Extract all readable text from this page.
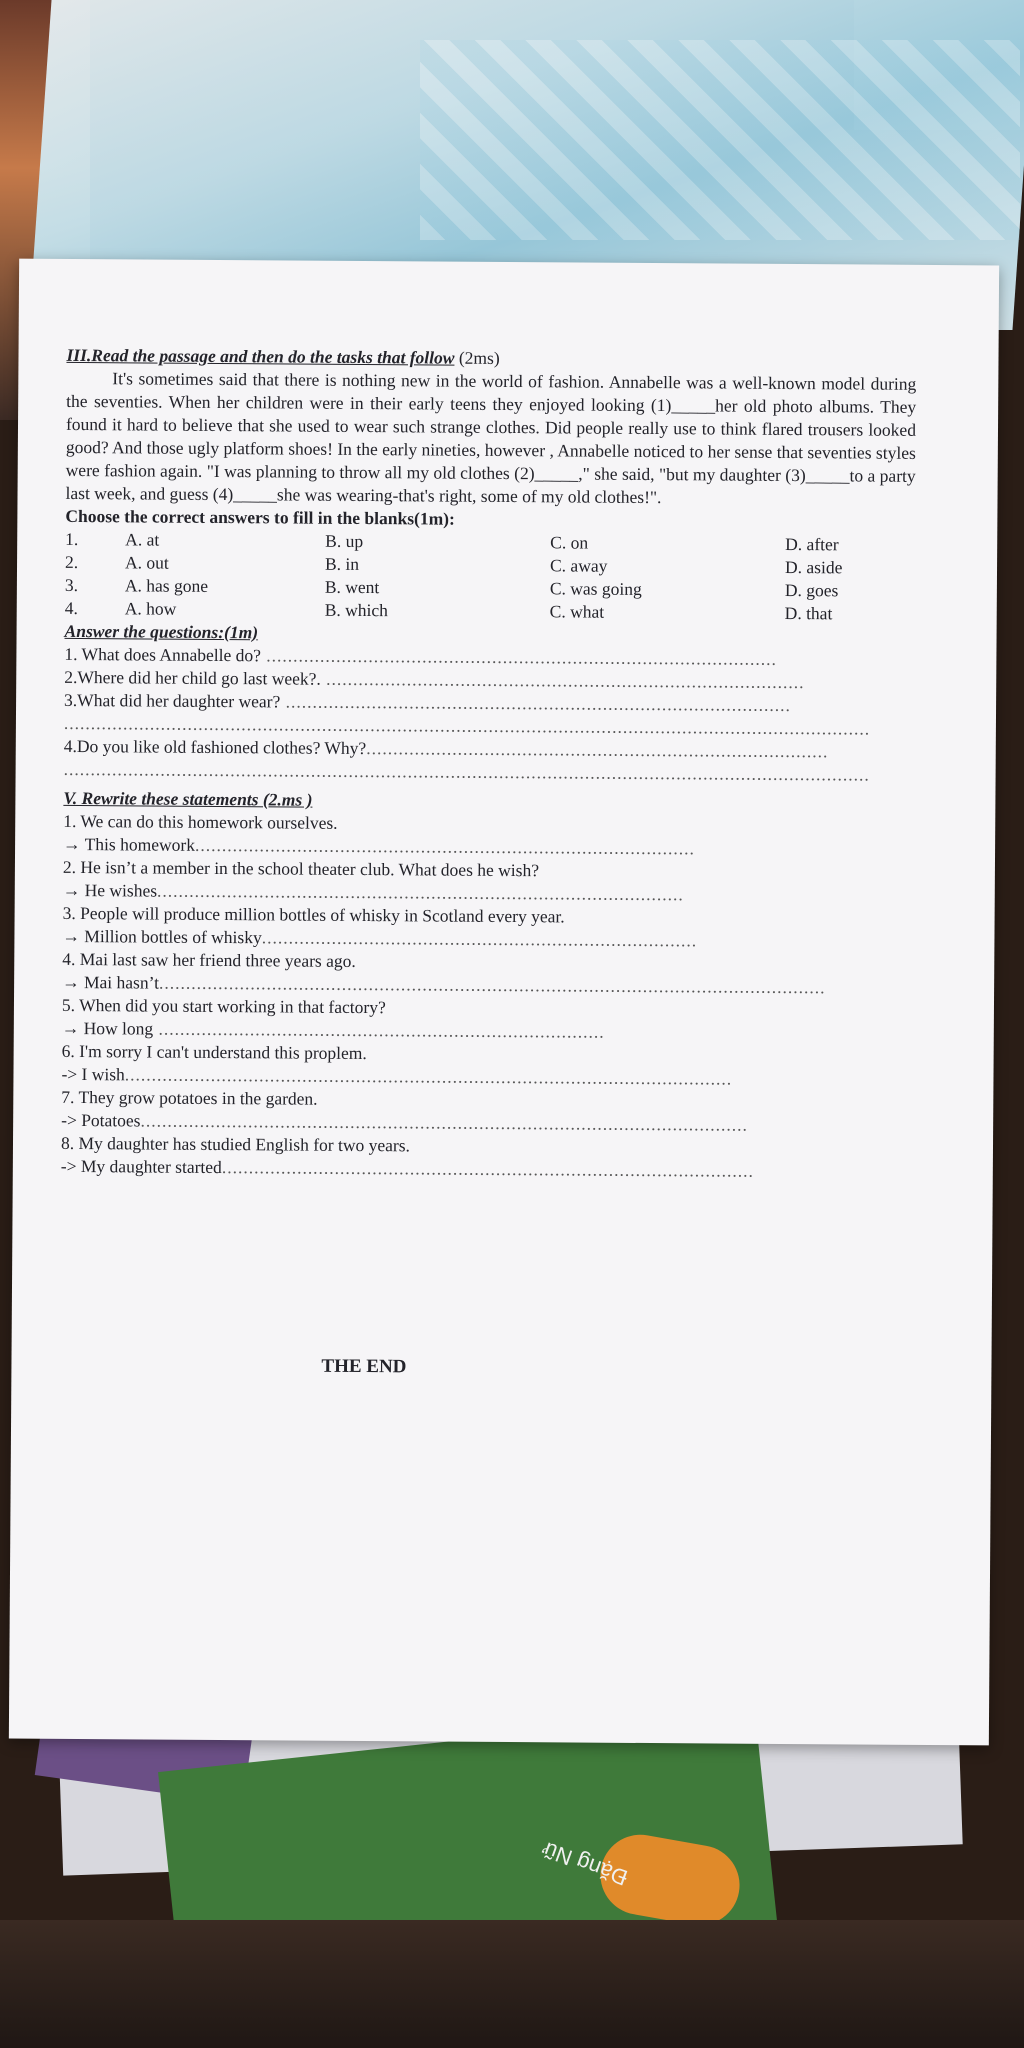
Đặng Nữ
III.Read the passage and then do the tasks that follow (2ms)

It's sometimes said that there is nothing new in the world of fashion. Annabelle was a well-known model during the seventies. When her children were in their early teens they enjoyed looking (1)_____her old photo albums. They found it hard to believe that she used to wear such strange clothes. Did people really use to think flared trousers looked good? And those ugly platform shoes! In the early nineties, however , Annabelle noticed to her sense that seventies styles were fashion again. "I was planning to throw all my old clothes (2)_____," she said, "but my daughter (3)_____to a party last week, and guess (4)_____she was wearing-that's right, some of my old clothes!".

Choose the correct answers to fill in the blanks(1m):
1.	A. at	B. up	C. on	D. after
2.	A. out	B. in	C. away	D. aside
3.	A. has gone	B. went	C. was going	D. goes
4.	A. how	B. which	C. what	D. that
Answer the questions:(1m)
1. What does Annabelle do? ...............................................................................................
2.Where did her child go last week?. .........................................................................................
3.What did her daughter wear? ..............................................................................................
......................................................................................................................................................
4.Do you like old fashioned clothes? Why?......................................................................................
......................................................................................................................................................
V. Rewrite these statements (2.ms )
1. We can do this homework ourselves.
→ This homework.............................................................................................
2. He isn’t a member in the school theater club. What does he wish?
→ He wishes..................................................................................................
3. People will produce million bottles of whisky in Scotland every year.
→ Million bottles of whisky.................................................................................
4. Mai last saw her friend three years ago.
→ Mai hasn’t............................................................................................................................
5. When did you start working in that factory?
→ How long ...................................................................................
6. I'm sorry I can't understand this proplem.
-> I wish.................................................................................................................
7. They grow potatoes in the garden.
-> Potatoes.................................................................................................................
8. My daughter has studied English for two years.
-> My daughter started...................................................................................................
THE END
